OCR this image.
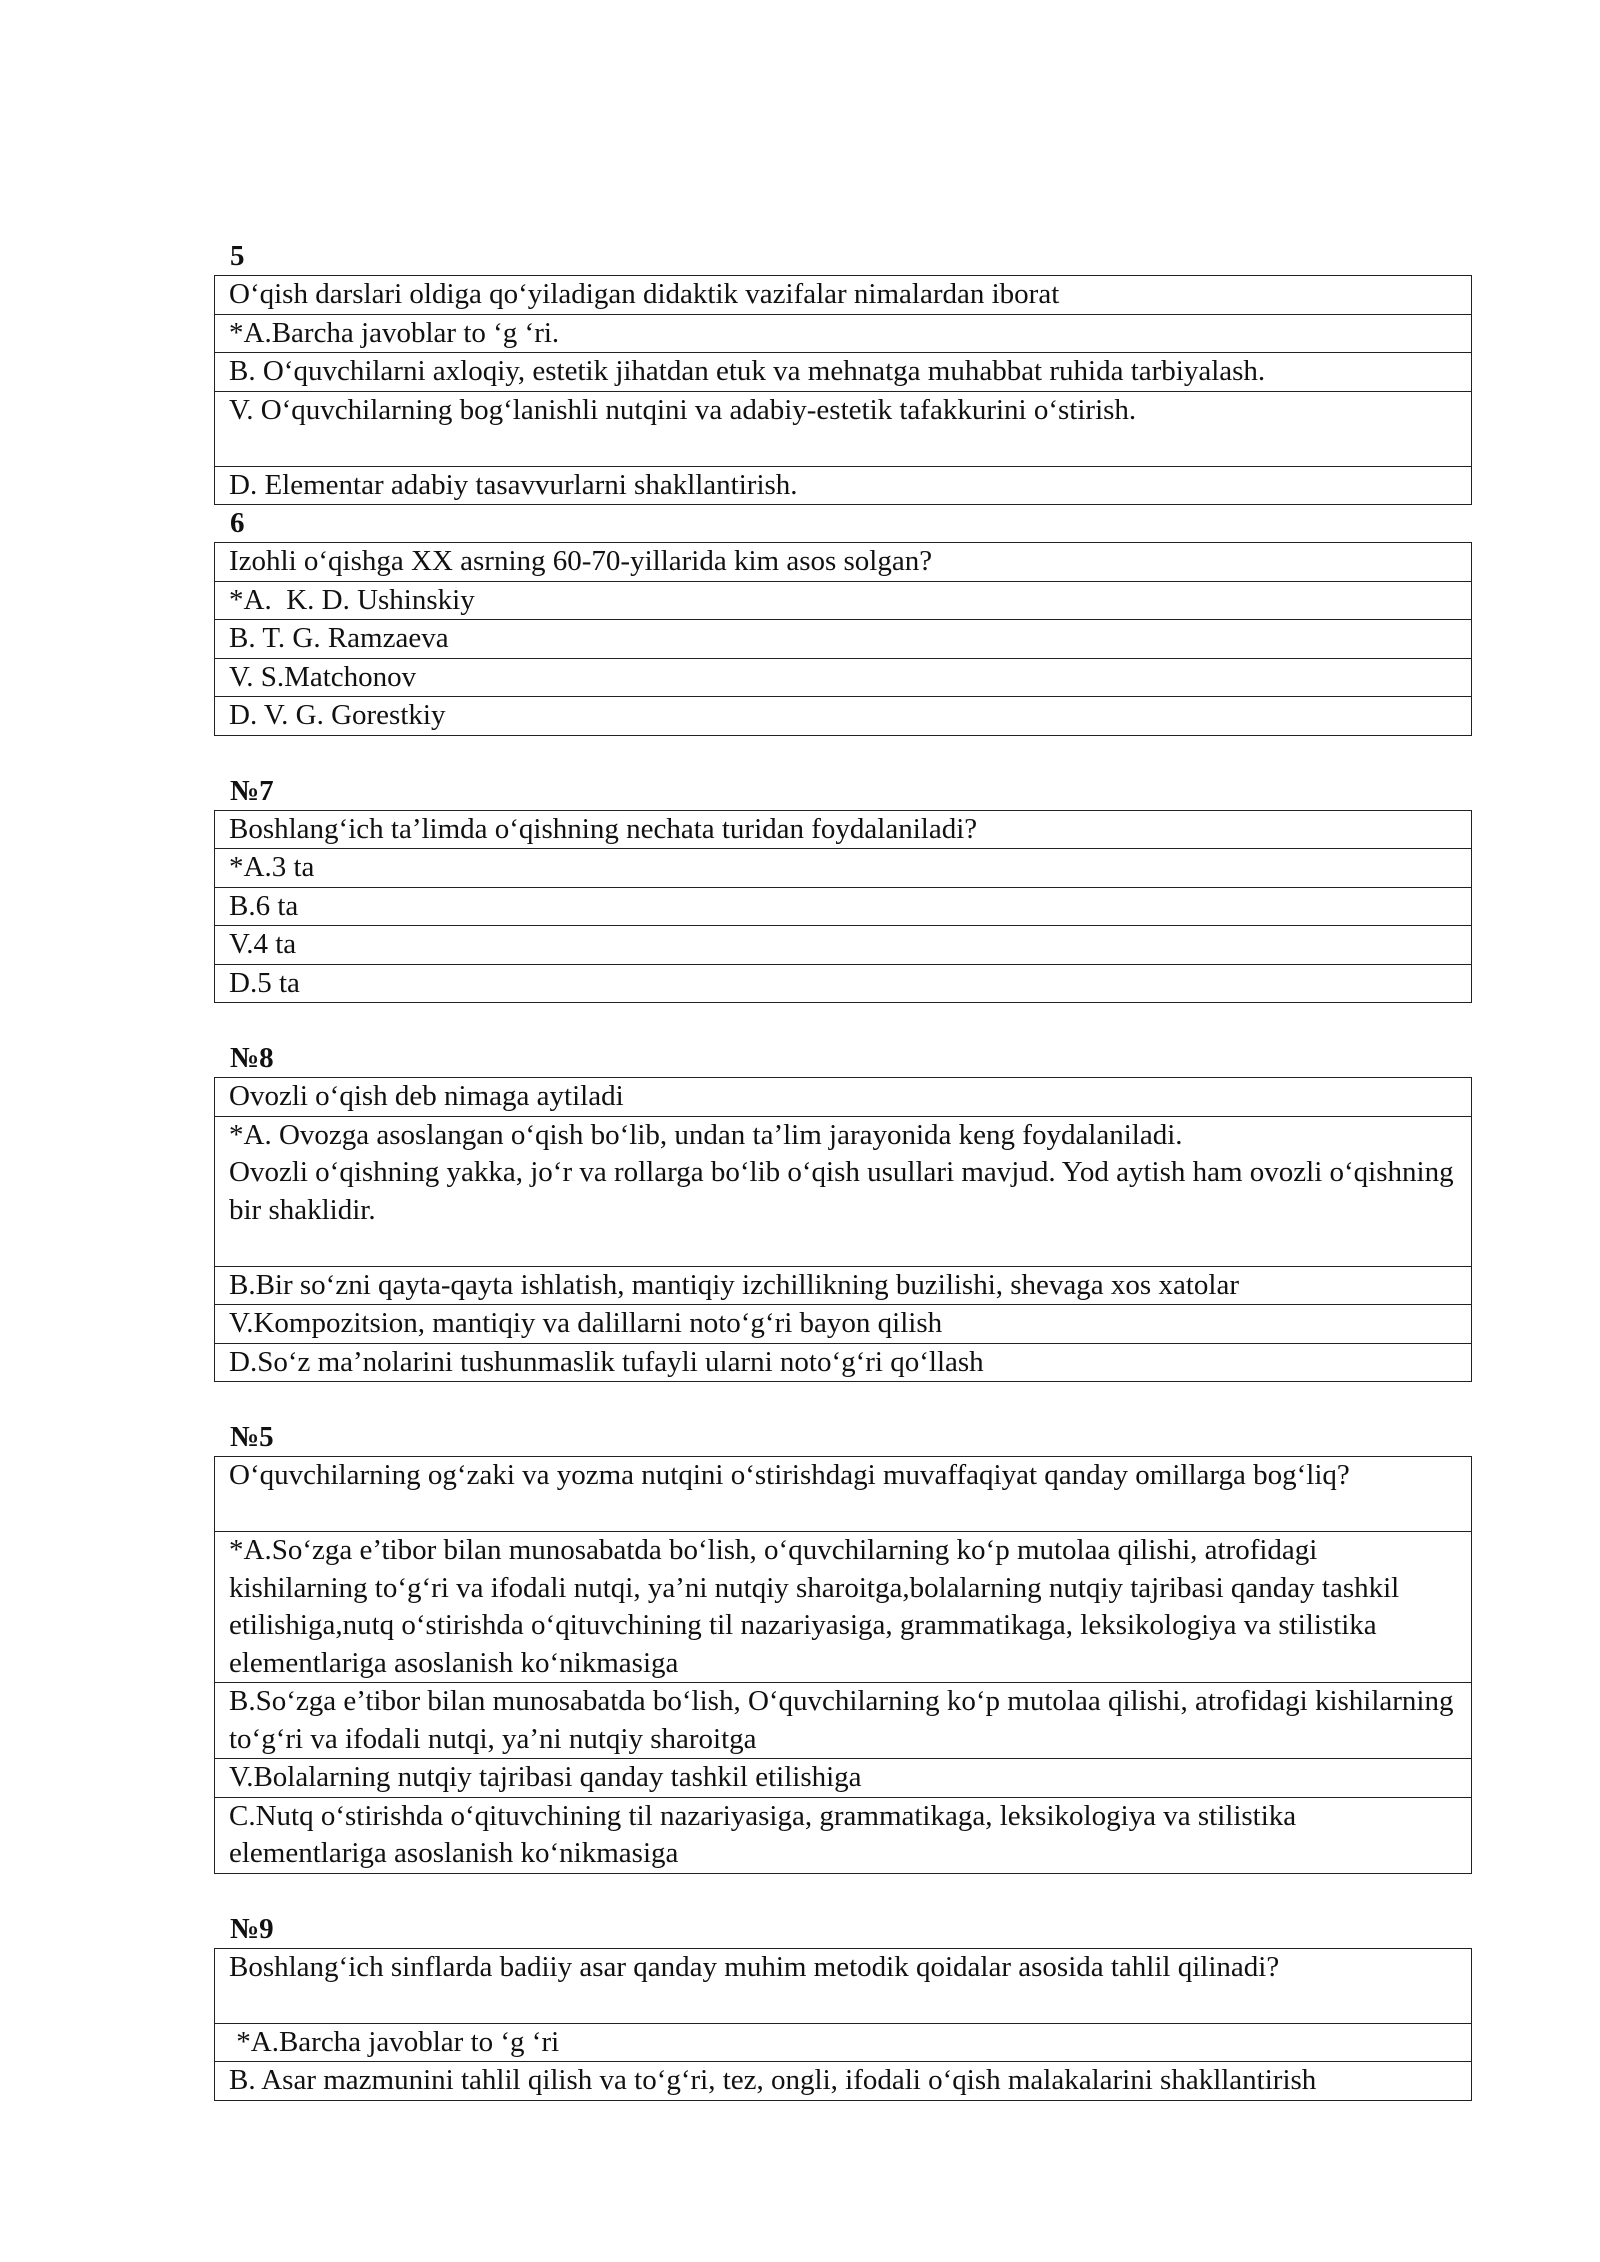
5
O‘qish darslari oldiga qo‘yiladigan didaktik vazifalar nimalardan iborat
*A.Barcha javoblar to ‘g ‘ri.
B. O‘quvchilarni axloqiy, estetik jihatdan etuk va mehnatga muhabbat ruhida tarbiyalash.
V. O‘quvchilarning bog‘lanishli nutqini va adabiy-estetik tafakkurini o‘stirish.
D. Elementar adabiy tasavvurlarni shakllantirish.
6
Izohli o‘qishga XX asrning 60-70-yillarida kim asos solgan?
*A.  K. D. Ushinskiy
B. T. G. Ramzaeva
V. S.Matchonov
D. V. G. Gorestkiy
№7
Boshlang‘ich ta’limda o‘qishning nechata turidan foydalaniladi?
*A.3 ta
B.6 ta
V.4 ta
D.5 ta
№8
Ovozli o‘qish deb nimaga aytiladi
*A. Ovozga asoslangan o‘qish bo‘lib, undan ta’lim jarayonida keng foydalaniladi.
Ovozli o‘qishning yakka, jo‘r va rollarga bo‘lib o‘qish usullari mavjud. Yod aytish ham ovozli o‘qishning bir shaklidir.
B.Bir so‘zni qayta-qayta ishlatish, mantiqiy izchillikning buzilishi, shevaga xos xatolar
V.Kompozitsion, mantiqiy va dalillarni noto‘g‘ri bayon qilish
D.So‘z ma’nolarini tushunmaslik tufayli ularni noto‘g‘ri qo‘llash
№5
O‘quvchilarning og‘zaki va yozma nutqini o‘stirishdagi muvaffaqiyat qanday omillarga bog‘liq?
*A.So‘zga e’tibor bilan munosabatda bo‘lish, o‘quvchilarning ko‘p mutolaa qilishi, atrofidagi kishilarning to‘g‘ri va ifodali nutqi, ya’ni nutqiy sharoitga,bolalarning nutqiy tajribasi qanday tashkil etilishiga,nutq o‘stirishda o‘qituvchining til nazariyasiga, grammatikaga, leksikologiya va stilistika elementlariga asoslanish ko‘nikmasiga
B.So‘zga e’tibor bilan munosabatda bo‘lish, O‘quvchilarning ko‘p mutolaa qilishi, atrofidagi kishilarning to‘g‘ri va ifodali nutqi, ya’ni nutqiy sharoitga
V.Bolalarning nutqiy tajribasi qanday tashkil etilishiga
C.Nutq o‘stirishda o‘qituvchining til nazariyasiga, grammatikaga, leksikologiya va stilistika elementlariga asoslanish ko‘nikmasiga
№9
Boshlang‘ich sinflarda badiiy asar qanday muhim metodik qoidalar asosida tahlil qilinadi?
*A.Barcha javoblar to ‘g ‘ri
B. Asar mazmunini tahlil qilish va to‘g‘ri, tez, ongli, ifodali o‘qish malakalarini shakllantirish
